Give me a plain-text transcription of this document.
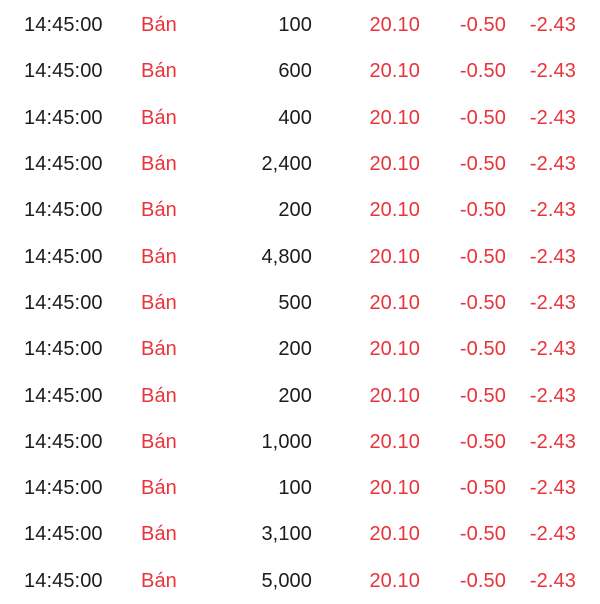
14:45:00 Bán	100	20.10 -0.50 -2.43
14:45:00 Bán	600	20.10 -0.50 -2.43
14:45:00 Bán	400	20.10 -0.50 -2.43
14:45:00 Bán	2,400	20.10 -0.50 -2.43
14:45:00 Bán	200	20.10 -0.50 -2.43
14:45:00 Bán	4,800	20.10 -0.50 -2.43
14:45:00 Bán	500	20.10 -0.50 -2.43
14:45:00 Bán	200	20.10 -0.50 -2.43
14:45:00 Bán	200	20.10 -0.50 -2.43
14:45:00 Bán	1,000	20.10 -0.50 -2.43
14:45:00 Bán	100	20.10 -0.50 -2.43
14:45:00 Bán	3,100	20.10 -0.50 -2.43
14:45:00 Bán	5,000	20.10 -0.50 -2.43
